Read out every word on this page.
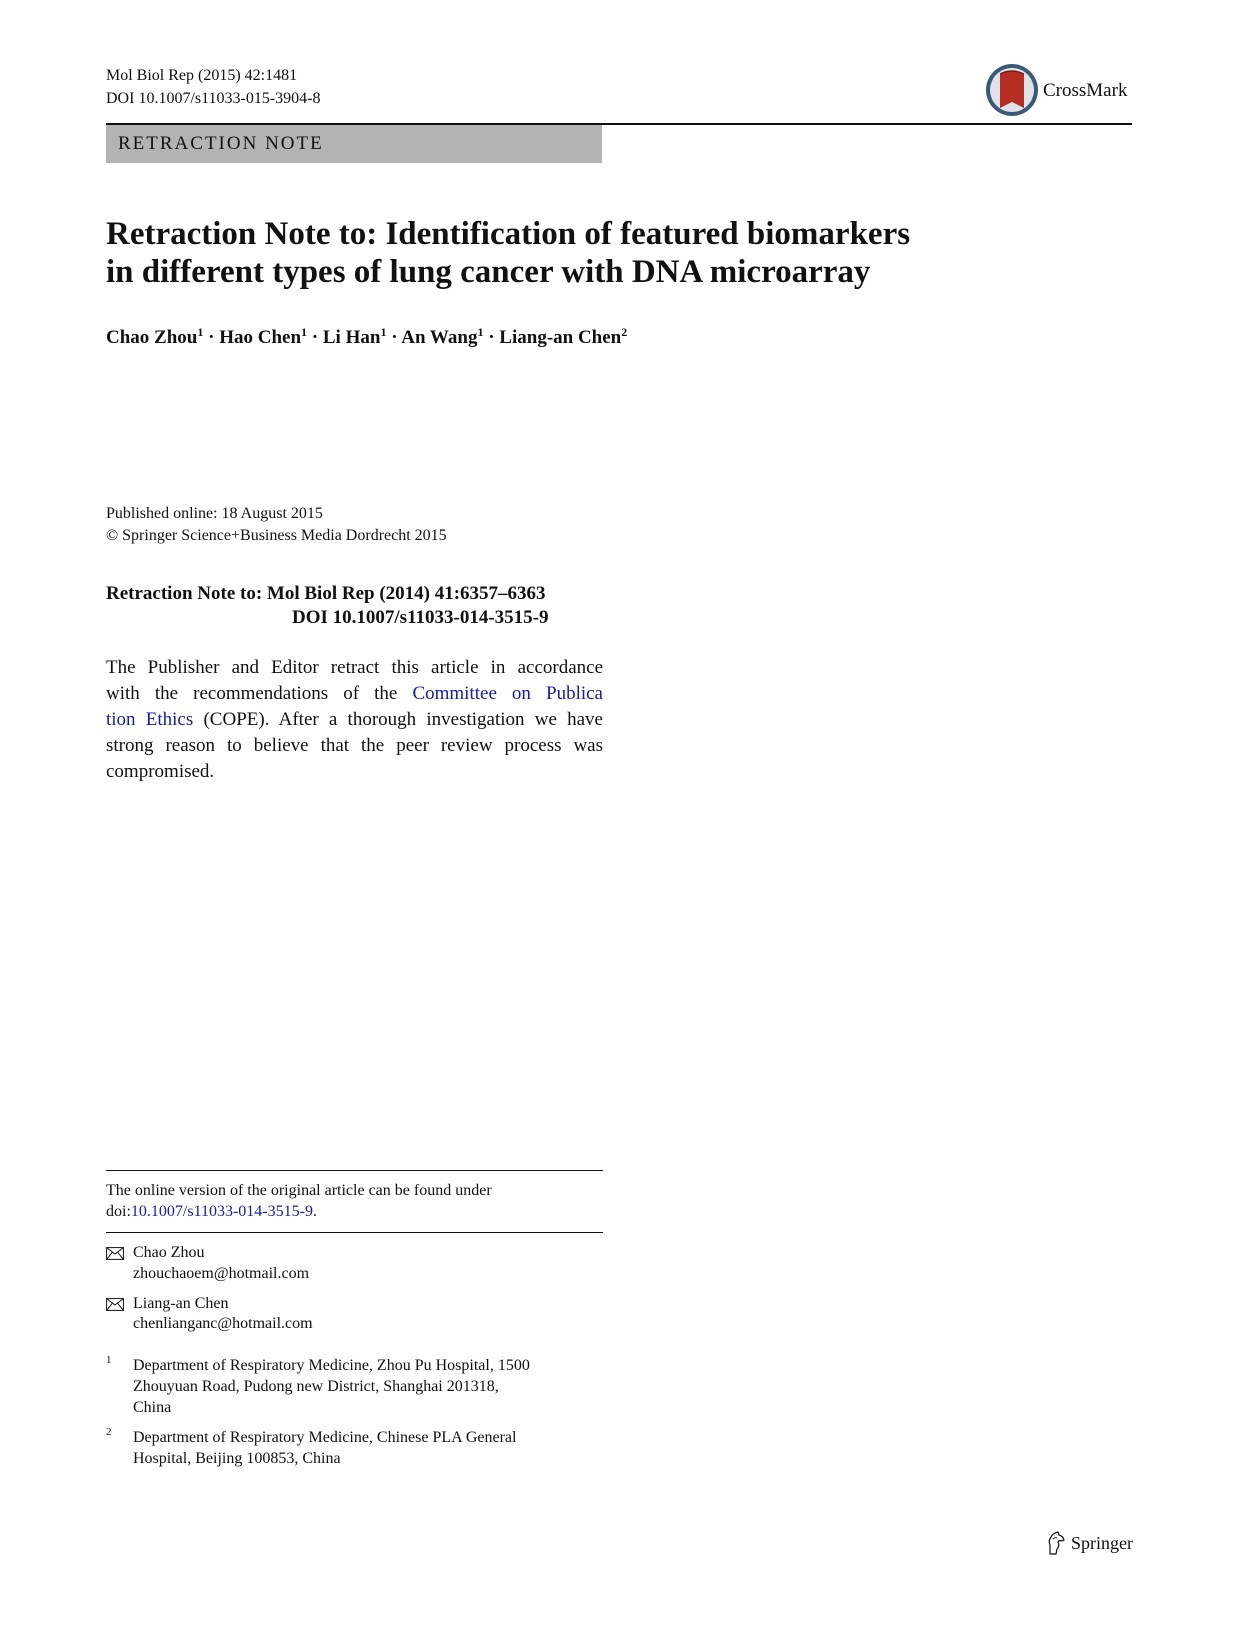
Mol Biol Rep (2015) 42:1481
DOI 10.1007/s11033-015-3904-8	CrossMark
RETRACTION NOTE
Retraction Note to: Identification of featured biomarkers
in different types of lung cancer with DNA microarray
Chao Zhou$^1$ · Hao Chen$^1$ · Li Han$^1$ · An Wang$^1$ · Liang-an Chen$^2$
Published online: 18 August 2015
© Springer Science+Business Media Dordrecht 2015
Retraction Note to: Mol Biol Rep (2014) 41:6357–6363
DOI 10.1007/s11033-014-3515-9
The Publisher and Editor retract this article in accordance
with the recommendations of the Committee on Publica
tion Ethics (COPE). After a thorough investigation we have
strong reason to believe that the peer review process was
compromised.
The online version of the original article can be found under
doi:10.1007/s11033-014-3515-9.
Chao Zhou
zhouchaoem@hotmail.com
Liang-an Chen
chenlianganc@hotmail.com
1 Department of Respiratory Medicine, Zhou Pu Hospital, 1500
Zhouyuan Road, Pudong new District, Shanghai 201318,
China
2 Department of Respiratory Medicine, Chinese PLA General
Hospital, Beijing 100853, China
Springer
